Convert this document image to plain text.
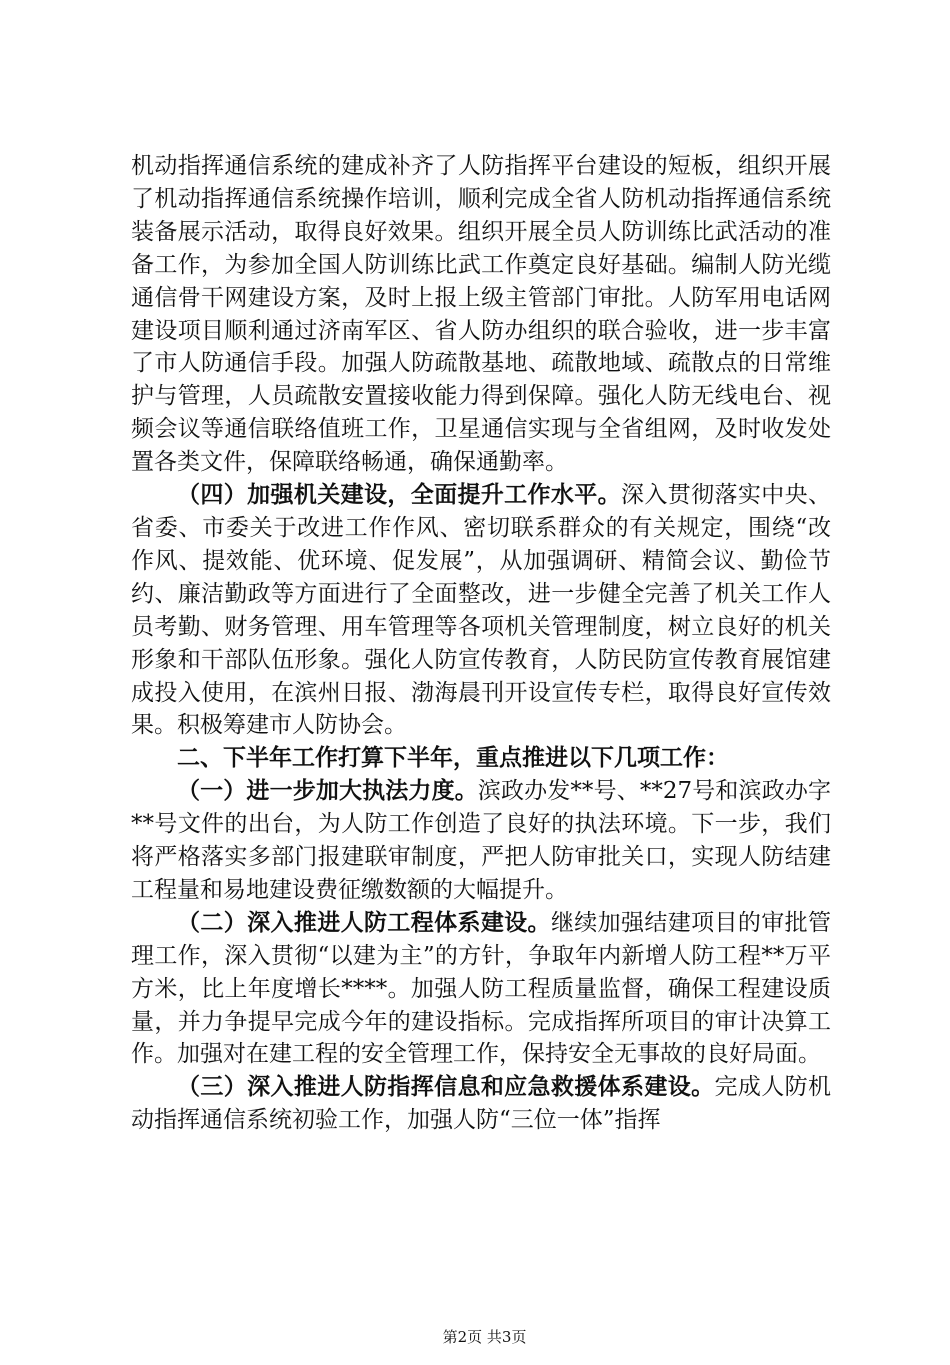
机动指挥通信系统的建成补齐了人防指挥平台建设的短板，组织开展了机动指挥通信系统操作培训，顺利完成全省人防机动指挥通信系统装备展示活动，取得良好效果。组织开展全员人防训练比武活动的准备工作，为参加全国人防训练比武工作奠定良好基础。编制人防光缆通信骨干网建设方案，及时上报上级主管部门审批。人防军用电话网建设项目顺利通过济南军区、省人防办组织的联合验收，进一步丰富了市人防通信手段。加强人防疏散基地、疏散地域、疏散点的日常维护与管理，人员疏散安置接收能力得到保障。强化人防无线电台、视频会议等通信联络值班工作，卫星通信实现与全省组网，及时收发处置各类文件，保障联络畅通，确保通勤率。

（四）加强机关建设，全面提升工作水平。深入贯彻落实中央、省委、市委关于改进工作作风、密切联系群众的有关规定，围绕“改作风、提效能、优环境、促发展”，从加强调研、精简会议、勤俭节约、廉洁勤政等方面进行了全面整改，进一步健全完善了机关工作人员考勤、财务管理、用车管理等各项机关管理制度，树立良好的机关形象和干部队伍形象。强化人防宣传教育，人防民防宣传教育展馆建成投入使用，在滨州日报、渤海晨刊开设宣传专栏，取得良好宣传效果。积极筹建市人防协会。

二、下半年工作打算下半年，重点推进以下几项工作：

（一）进一步加大执法力度。滨政办发**号、**27号和滨政办字**号文件的出台，为人防工作创造了良好的执法环境。下一步，我们将严格落实多部门报建联审制度，严把人防审批关口，实现人防结建工程量和易地建设费征缴数额的大幅提升。

（二）深入推进人防工程体系建设。继续加强结建项目的审批管理工作，深入贯彻“以建为主”的方针，争取年内新增人防工程**万平方米，比上年度增长****。加强人防工程质量监督，确保工程建设质量，并力争提早完成今年的建设指标。完成指挥所项目的审计决算工作。加强对在建工程的安全管理工作，保持安全无事故的良好局面。

（三）深入推进人防指挥信息和应急救援体系建设。完成人防机动指挥通信系统初验工作，加强人防“三位一体”指挥

第2页 共3页
